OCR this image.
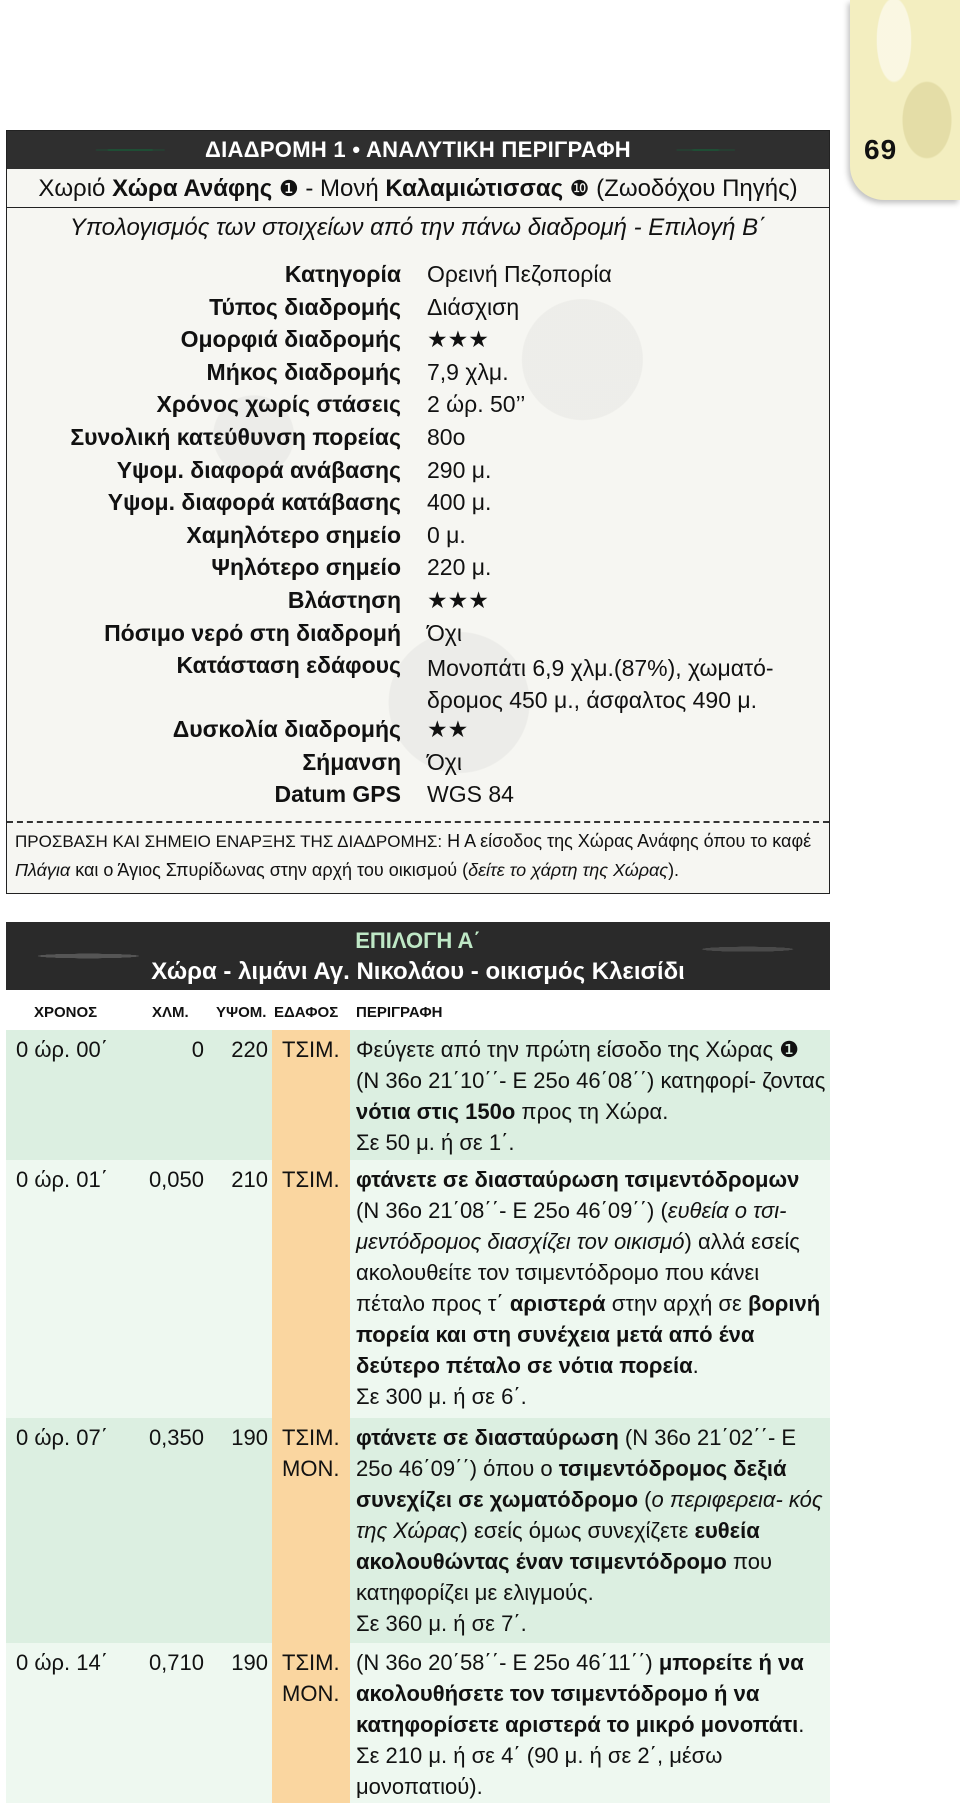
69
ΔΙΑΔΡΟΜΗ 1 • ΑΝΑΛΥΤΙΚΗ ΠΕΡΙΓΡΑΦΗ
Χωριό Χώρα Ανάφης ❶ - Μονή Καλαμιώτισσας ❿ (Ζωοδόχου Πηγής)
Υπολογισμός των στοιχείων από την πάνω διαδρομή - Επιλογή Β΄
Κατηγορία Ορεινή Πεζοπορία
Τύπος διαδρομής Διάσχιση
Ομορφιά διαδρομής ★★★
Μήκος διαδρομής 7,9 χλμ.
Χρόνος χωρίς στάσεις 2 ώρ. 50’’
Συνολική κατεύθυνση πορείας 80ο
Υψομ. διαφορά ανάβασης 290 μ.
Υψομ. διαφορά κατάβασης 400 μ.
Χαμηλότερο σημείο 0 μ.
Ψηλότερο σημείο 220 μ.
Βλάστηση ★★★
Πόσιμο νερό στη διαδρομή Όχι
Κατάσταση εδάφους Μονοπάτι 6,9 χλμ.(87%), χωματό- δρομος 450 μ., άσφαλτος 490 μ.
Δυσκολία διαδρομής ★★
Σήμανση Όχι
Datum GPS WGS 84
ΠΡΟΣΒΑΣΗ ΚΑΙ ΣΗΜΕΙΟ ΕΝΑΡΞΗΣ ΤΗΣ ΔΙΑΔΡΟΜΗΣ: Η Α είσοδος της Χώρας Ανάφης όπου το καφέ Πλάγια και ο Άγιος Σπυρίδωνας στην αρχή του οικισμού (δείτε το χάρτη της Χώρας).
ΕΠΙΛΟΓΗ Α΄
Χώρα - λιμάνι Αγ. Νικολάου - οικισμός Κλεισίδι
ΧΡΟΝΟΣ	ΧΛΜ. ΥΨΟΜ. ΕΔΑΦΟΣ ΠΕΡΙΓΡΑΦΗ
0 ώρ. 00΄	0	220 ΤΣΙΜ. Φεύγετε από την πρώτη είσοδο της Χώρας ❶ (N 36ο 21΄10΄΄- E 25ο 46΄08΄΄) κατηφορί- ζοντας νότια στις 150ο προς τη Χώρα.
Σε 50 μ. ή σε 1΄.
0 ώρ. 01΄	0,050	210 ΤΣΙΜ. φτάνετε σε διασταύρωση τσιμεντόδρομων (N 36ο 21΄08΄΄- E 25ο 46΄09΄΄) (ευθεία ο τσι- μεντόδρομος διασχίζει τον οικισμό) αλλά εσείς ακολουθείτε τον τσιμεντόδρομο που κάνει πέταλο προς τ΄ αριστερά στην αρχή σε βορινή πορεία και στη συνέχεια μετά από ένα δεύτερο πέταλο σε νότια πορεία.
Σε 300 μ. ή σε 6΄.
0 ώρ. 07΄	0,350	190 ΤΣΙΜ. ΜΟΝ.
φτάνετε σε διασταύρωση (N 36ο 21΄02΄΄- E 25ο 46΄09΄΄) όπου ο τσιμεντόδρομος δεξιά συνεχίζει σε χωματόδρομο (ο περιφερεια- κός της Χώρας) εσείς όμως συνεχίζετε ευθεία ακολουθώντας έναν τσιμεντόδρομο που κατηφορίζει με ελιγμούς.
Σε 360 μ. ή σε 7΄.
0 ώρ. 14΄	0,710	190 ΤΣΙΜ. ΜΟΝ.
(N 36ο 20΄58΄΄- E 25ο 46΄11΄΄) μπορείτε ή να ακολουθήσετε τον τσιμεντόδρομο ή να κατηφορίσετε αριστερά το μικρό μονοπάτι.
Σε 210 μ. ή σε 4΄ (90 μ. ή σε 2΄, μέσω μονοπατιού).
